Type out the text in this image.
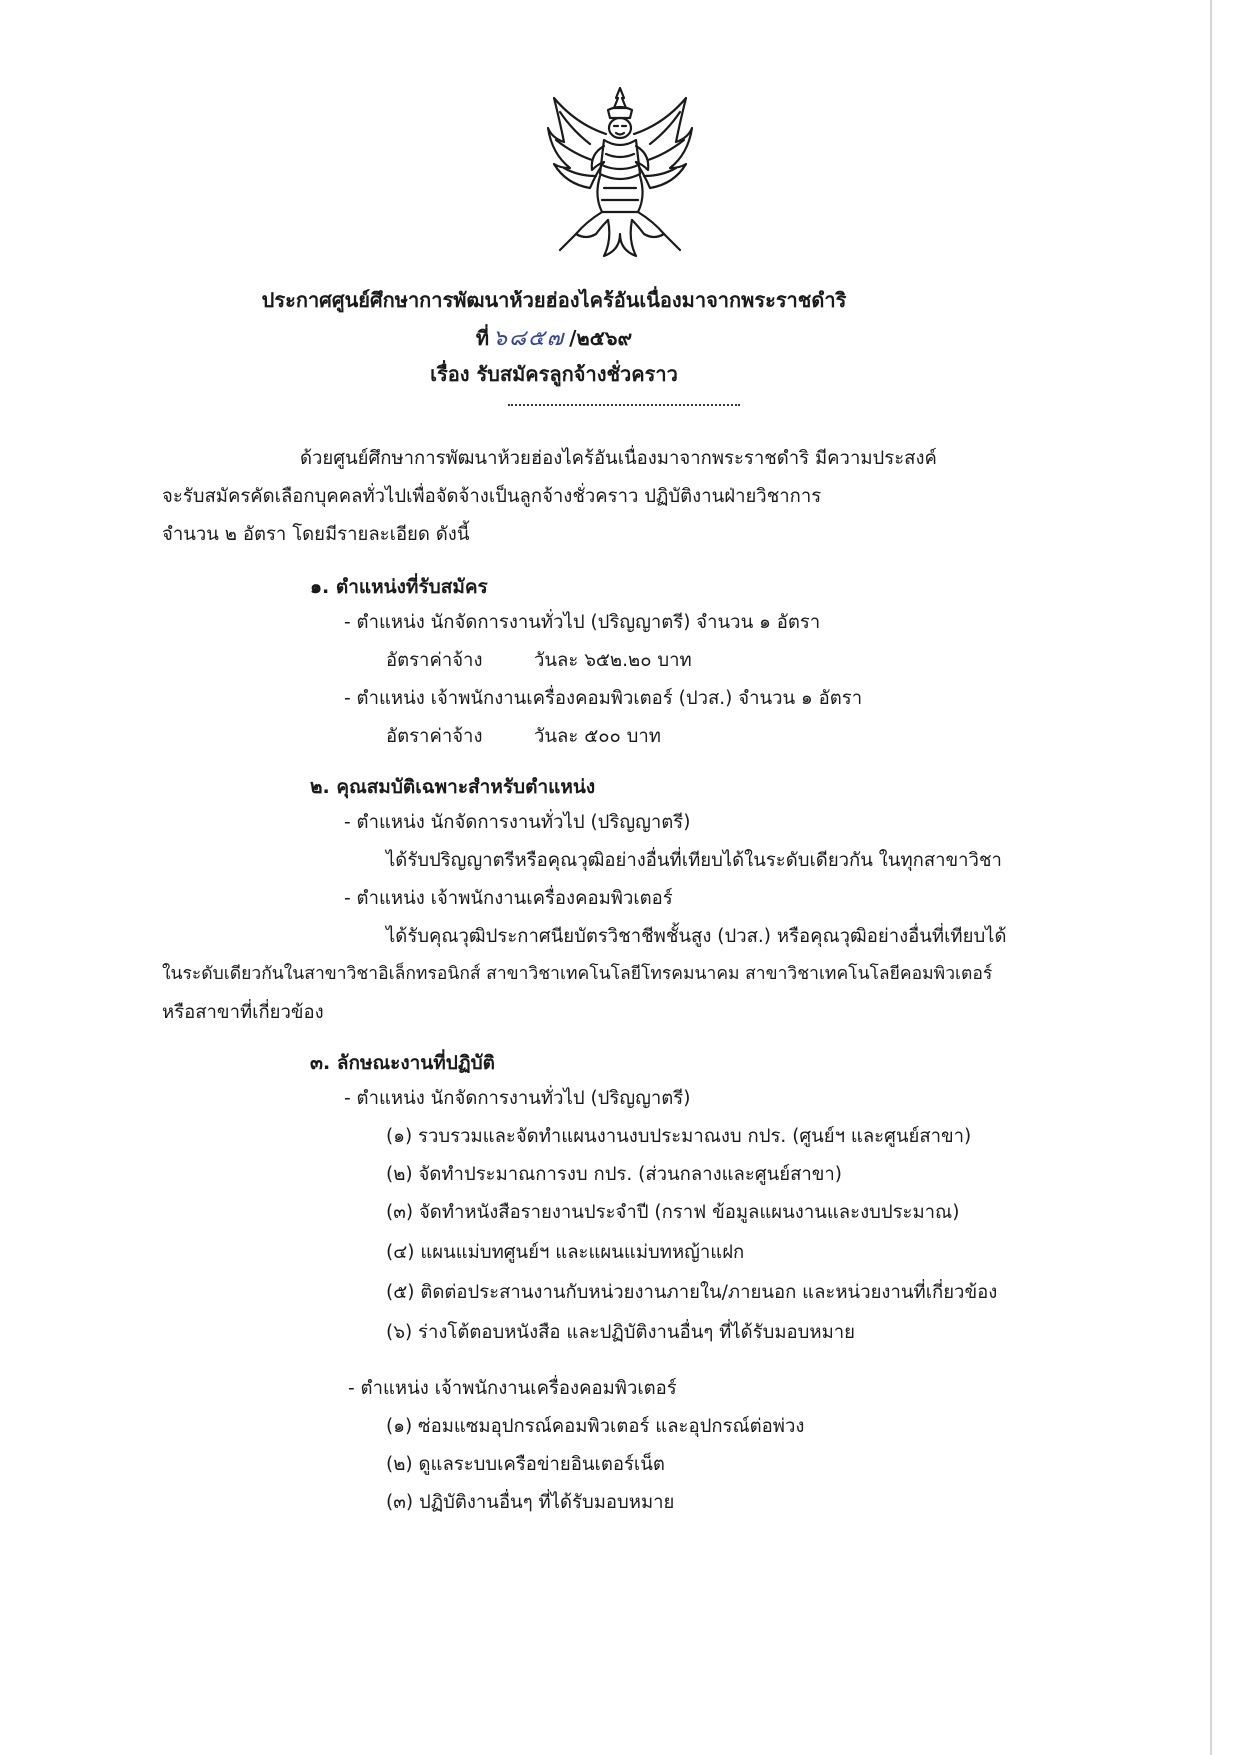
ประกาศศูนย์ศึกษาการพัฒนาห้วยฮ่องไคร้อันเนื่องมาจากพระราชดำริ
ที่ ๖๘๕๗ /๒๕๖๙
เรื่อง รับสมัครลูกจ้างชั่วคราว
ด้วยศูนย์ศึกษาการพัฒนาห้วยฮ่องไคร้อันเนื่องมาจากพระราชดำริ มีความประสงค์
จะรับสมัครคัดเลือกบุคคลทั่วไปเพื่อจัดจ้างเป็นลูกจ้างชั่วคราว ปฏิบัติงานฝ่ายวิชาการ
จำนวน ๒ อัตรา โดยมีรายละเอียด ดังนี้
๑. ตำแหน่งที่รับสมัคร
- ตำแหน่ง นักจัดการงานทั่วไป (ปริญญาตรี) จำนวน ๑ อัตรา
อัตราค่าจ้าง	วันละ ๖๕๒.๒๐ บาท
- ตำแหน่ง เจ้าพนักงานเครื่องคอมพิวเตอร์ (ปวส.) จำนวน ๑ อัตรา
อัตราค่าจ้าง	วันละ ๕๐๐ บาท
๒. คุณสมบัติเฉพาะสำหรับตำแหน่ง
- ตำแหน่ง นักจัดการงานทั่วไป (ปริญญาตรี)
ได้รับปริญญาตรีหรือคุณวุฒิอย่างอื่นที่เทียบได้ในระดับเดียวกัน ในทุกสาขาวิชา
- ตำแหน่ง เจ้าพนักงานเครื่องคอมพิวเตอร์
ได้รับคุณวุฒิประกาศนียบัตรวิชาชีพชั้นสูง (ปวส.) หรือคุณวุฒิอย่างอื่นที่เทียบได้
ในระดับเดียวกันในสาขาวิชาอิเล็กทรอนิกส์ สาขาวิชาเทคโนโลยีโทรคมนาคม สาขาวิชาเทคโนโลยีคอมพิวเตอร์
หรือสาขาที่เกี่ยวข้อง
๓. ลักษณะงานที่ปฏิบัติ
- ตำแหน่ง นักจัดการงานทั่วไป (ปริญญาตรี)
(๑) รวบรวมและจัดทำแผนงานงบประมาณงบ กปร. (ศูนย์ฯ และศูนย์สาขา)
(๒) จัดทำประมาณการงบ กปร. (ส่วนกลางและศูนย์สาขา)
(๓) จัดทำหนังสือรายงานประจำปี (กราฟ ข้อมูลแผนงานและงบประมาณ)
(๔) แผนแม่บทศูนย์ฯ และแผนแม่บทหญ้าแฝก
(๕) ติดต่อประสานงานกับหน่วยงานภายใน/ภายนอก และหน่วยงานที่เกี่ยวข้อง
(๖) ร่างโต้ตอบหนังสือ และปฏิบัติงานอื่นๆ ที่ได้รับมอบหมาย
- ตำแหน่ง เจ้าพนักงานเครื่องคอมพิวเตอร์
(๑) ซ่อมแซมอุปกรณ์คอมพิวเตอร์ และอุปกรณ์ต่อพ่วง
(๒) ดูแลระบบเครือข่ายอินเตอร์เน็ต
(๓) ปฏิบัติงานอื่นๆ ที่ได้รับมอบหมาย
